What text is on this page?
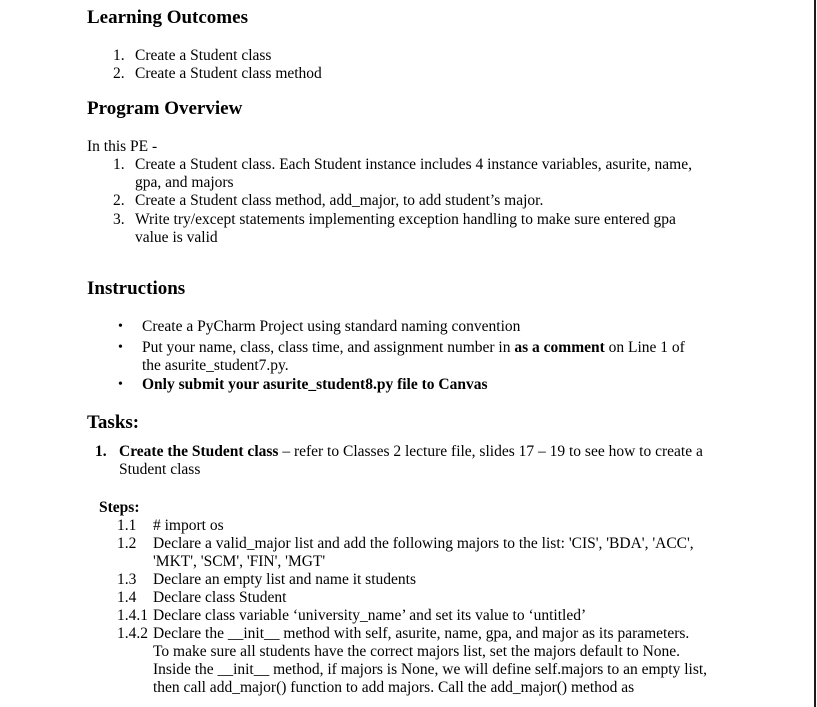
Learning Outcomes
1. Create a Student class
2. Create a Student class method
Program Overview
In this PE -
1. Create a Student class. Each Student instance includes 4 instance variables, asurite, name,
gpa, and majors
2. Create a Student class method, add_major, to add student’s major.
3. Write try/except statements implementing exception handling to make sure entered gpa
value is valid
Instructions
• Create a PyCharm Project using standard naming convention
• Put your name, class, class time, and assignment number in as a comment on Line 1 of
the asurite_student7.py.
• Only submit your asurite_student8.py file to Canvas
Tasks:
1. Create the Student class – refer to Classes 2 lecture file, slides 17 – 19 to see how to create a
Student class
Steps:
1.1 # import os
1.2 Declare a valid_major list and add the following majors to the list: 'CIS', 'BDA', 'ACC',
'MKT', 'SCM', 'FIN', 'MGT'
1.3 Declare an empty list and name it students
1.4 Declare class Student
1.4.1 Declare class variable ‘university_name’ and set its value to ‘untitled’
1.4.2 Declare the __init__ method with self, asurite, name, gpa, and major as its parameters.
To make sure all students have the correct majors list, set the majors default to None.
Inside the __init__ method, if majors is None, we will define self.majors to an empty list,
then call add_major() function to add majors. Call the add_major() method as
